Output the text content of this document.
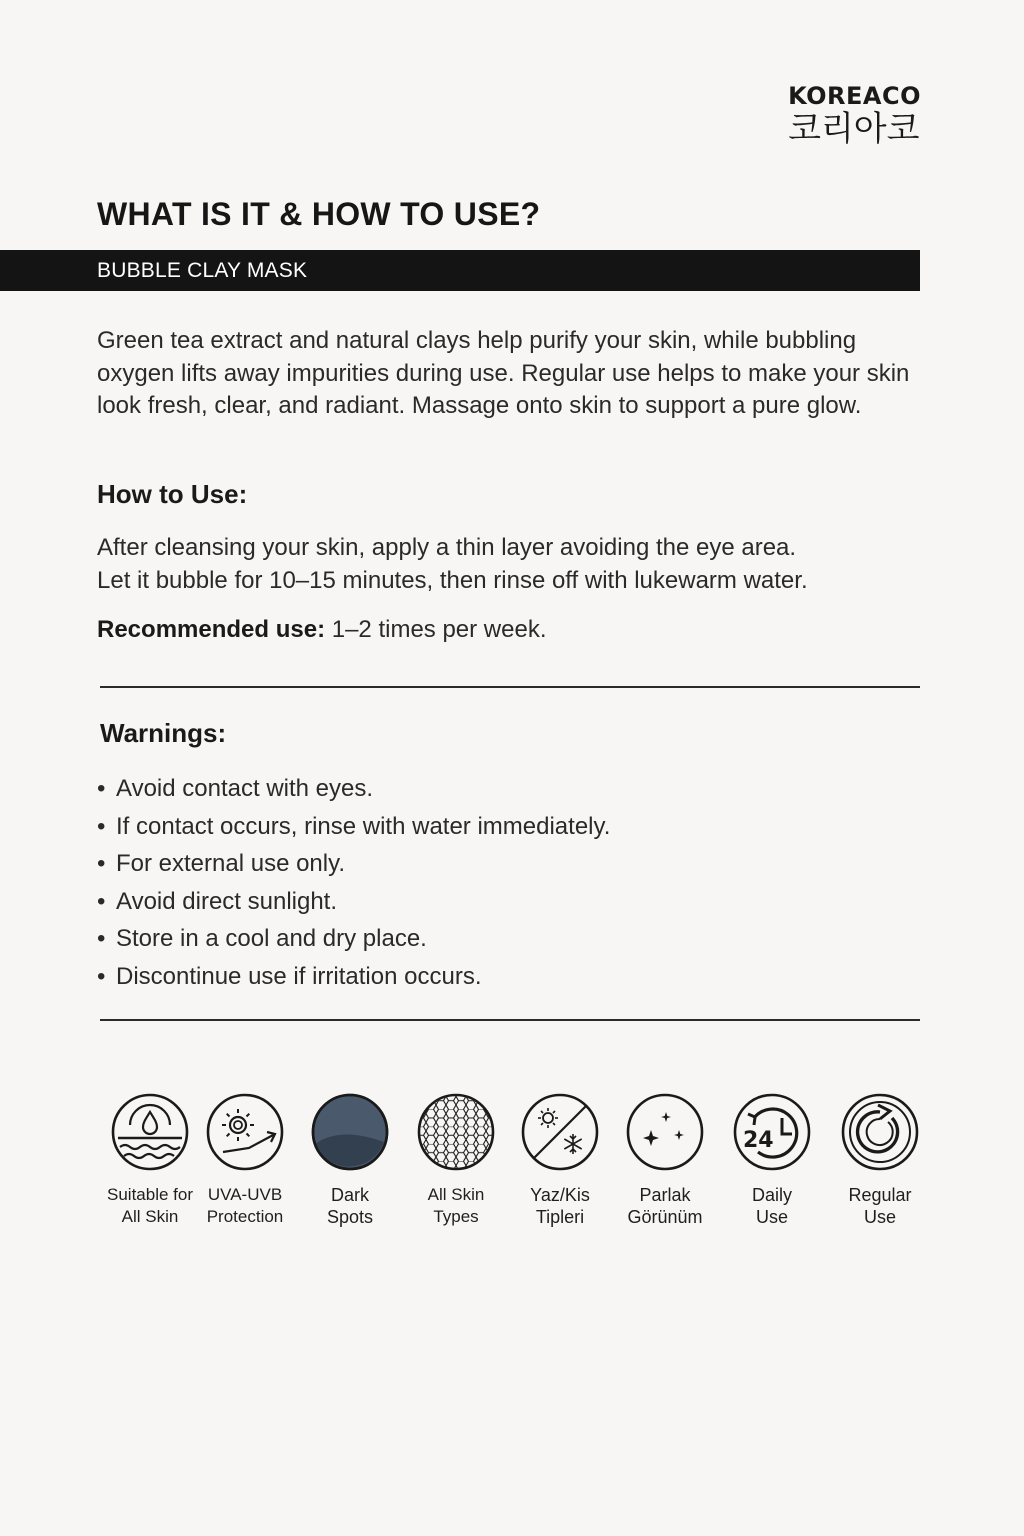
KOREACO
코리아코
WHAT IS IT & HOW TO USE?
BUBBLE CLAY MASK

Green tea extract and natural clays help purify your skin, while bubbling oxygen lifts away impurities during use. Regular use helps to make your skin look fresh, clear, and radiant. Massage onto skin to support a pure glow.

How to Use:
After cleansing your skin, apply a thin layer avoiding the eye area.
Let it bubble for 10–15 minutes, then rinse off with lukewarm water.
Recommended use: 1–2 times per week.
Warnings:
• Avoid contact with eyes.
• If contact occurs, rinse with water immediately.
• For external use only.
• Avoid direct sunlight.
• Store in a cool and dry place.
• Discontinue use if irritation occurs.
Suitable for
All Skin
UVA-UVB
Protection
Dark
Spots
All Skin
Types
Yaz/Kis
Tipleri
Parlak
Görünüm
24
Daily
Use
Regular
Use
